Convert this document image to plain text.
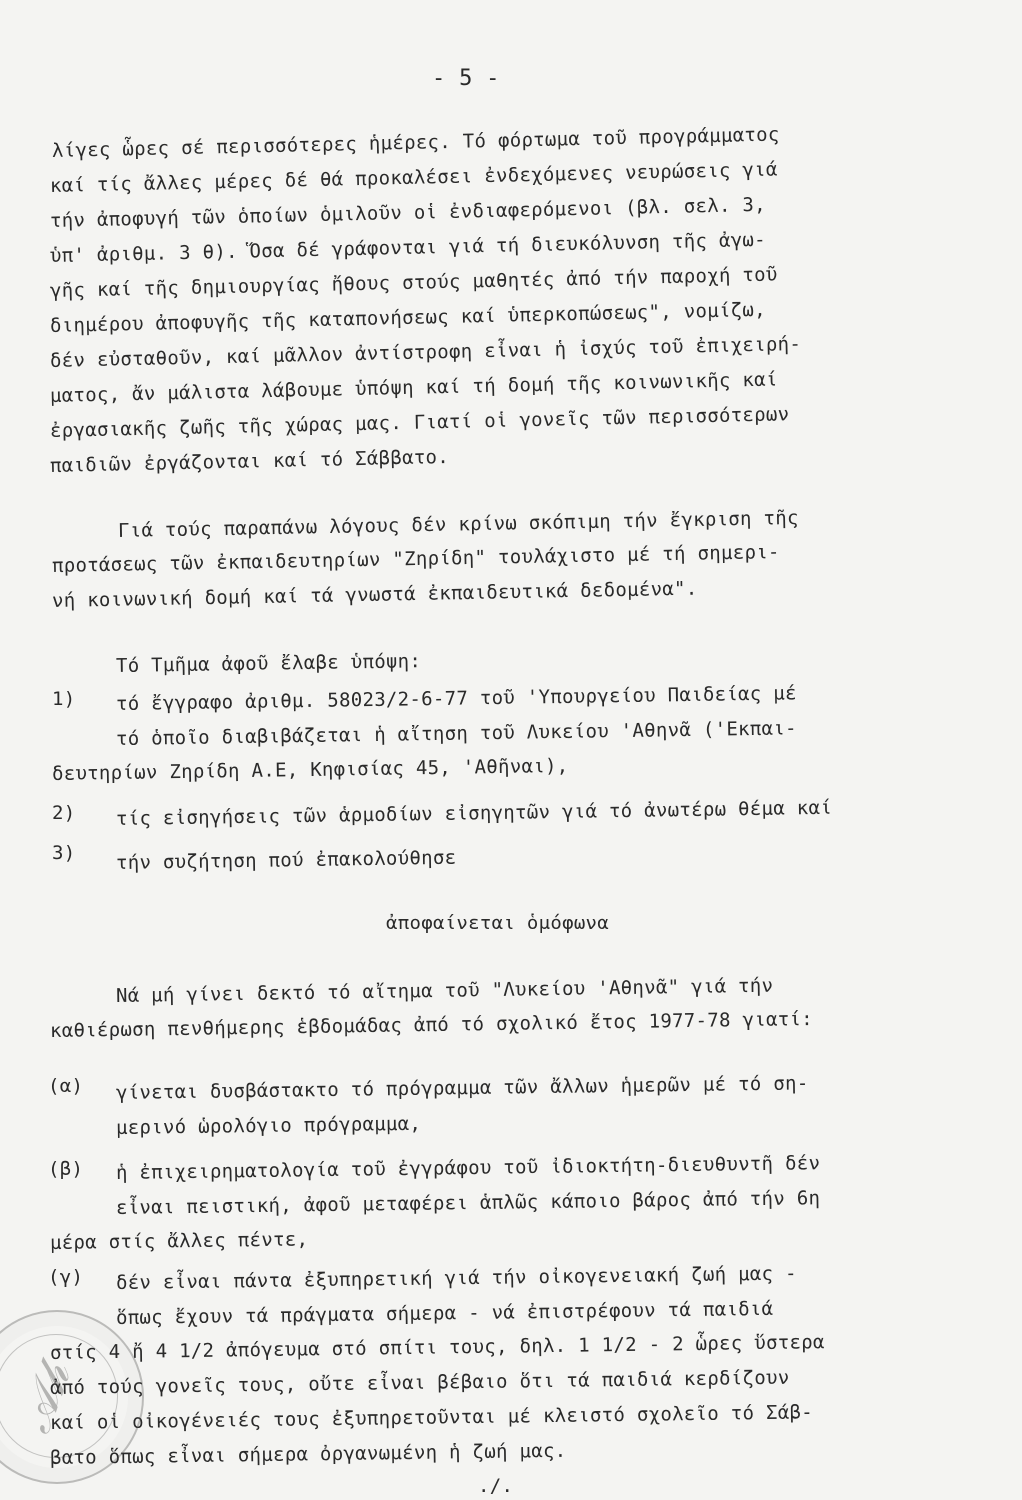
- 5 -
λίγες ὧρες σέ περισσότερες ἡμέρες. Τό φόρτωμα τοῦ προγράμματος
καί τίς ἄλλες μέρες δέ θά προκαλέσει ἐνδεχόμενες νευρώσεις γιά
τήν ἀποφυγή τῶν ὁποίων ὁμιλοῦν οἱ ἐνδιαφερόμενοι (βλ. σελ. 3,
ὑπ' ἀριθμ. 3 θ). Ὅσα δέ γράφονται γιά τή διευκόλυνση τῆς ἀγω-
γῆς καί τῆς δημιουργίας ἤθους στούς μαθητές ἀπό τήν παροχή τοῦ
διημέρου ἀποφυγῆς τῆς καταπονήσεως καί ὑπερκοπώσεως", νομίζω,
δέν εὐσταθοῦν, καί μᾶλλον ἀντίστροφη εἶναι ἡ ἰσχύς τοῦ ἐπιχειρή-
ματος, ἄν μάλιστα λάβουμε ὑπόψη καί τή δομή τῆς κοινωνικῆς καί
ἐργασιακῆς ζωῆς τῆς χώρας μας. Γιατί οἱ γονεῖς τῶν περισσότερων
παιδιῶν ἐργάζονται καί τό Σάββατο.
Γιά τούς παραπάνω λόγους δέν κρίνω σκόπιμη τήν ἔγκριση τῆς
προτάσεως τῶν ἐκπαιδευτηρίων "Ζηρίδη" τουλάχιστο μέ τή σημερι-
νή κοινωνική δομή καί τά γνωστά ἐκπαιδευτικά δεδομένα".
Τό Τμῆμα ἀφοῦ ἔλαβε ὑπόψη:
1) τό ἔγγραφο ἀριθμ. 58023/2-6-77 τοῦ 'Υπουργείου Παιδείας μέ
τό ὁποῖο διαβιβάζεται ἡ αἴτηση τοῦ Λυκείου 'Αθηνᾶ ('Εκπαι-
δευτηρίων Ζηρίδη Α.Ε, Κηφισίας 45, 'Αθῆναι),
2) τίς εἰσηγήσεις τῶν ἁρμοδίων εἰσηγητῶν γιά τό ἀνωτέρω θέμα καί
3) τήν συζήτηση πού ἐπακολούθησε
ἀποφαίνεται ὁμόφωνα
Νά μή γίνει δεκτό τό αἴτημα τοῦ "Λυκείου 'Αθηνᾶ" γιά τήν
καθιέρωση πενθήμερης ἑβδομάδας ἀπό τό σχολικό ἔτος 1977-78 γιατί:
(α) γίνεται δυσβάστακτο τό πρόγραμμα τῶν ἄλλων ἡμερῶν μέ τό ση-
μερινό ὡρολόγιο πρόγραμμα,
(β) ἡ ἐπιχειρηματολογία τοῦ ἐγγράφου τοῦ ἰδιοκτήτη-διευθυντῆ δέν
εἶναι πειστική, ἀφοῦ μεταφέρει ἁπλῶς κάποιο βάρος ἀπό τήν 6η
μέρα στίς ἄλλες πέντε,
(γ) δέν εἶναι πάντα ἐξυπηρετική γιά τήν οἰκογενειακή ζωή μας -
ὅπως ἔχουν τά πράγματα σήμερα - νά ἐπιστρέφουν τά παιδιά
στίς 4 ἤ 4 1/2 ἀπόγευμα στό σπίτι τους, δηλ. 1 1/2 - 2 ὧρες ὕστερα
ἀπό τούς γονεῖς τους, οὔτε εἶναι βέβαιο ὅτι τά παιδιά κερδίζουν
καί οἱ οἰκογένειές τους ἐξυπηρετοῦνται μέ κλειστό σχολεῖο τό Σάβ-
βατο ὅπως εἶναι σήμερα ὀργανωμένη ἡ ζωή μας.
./.
𝒜𝒽
